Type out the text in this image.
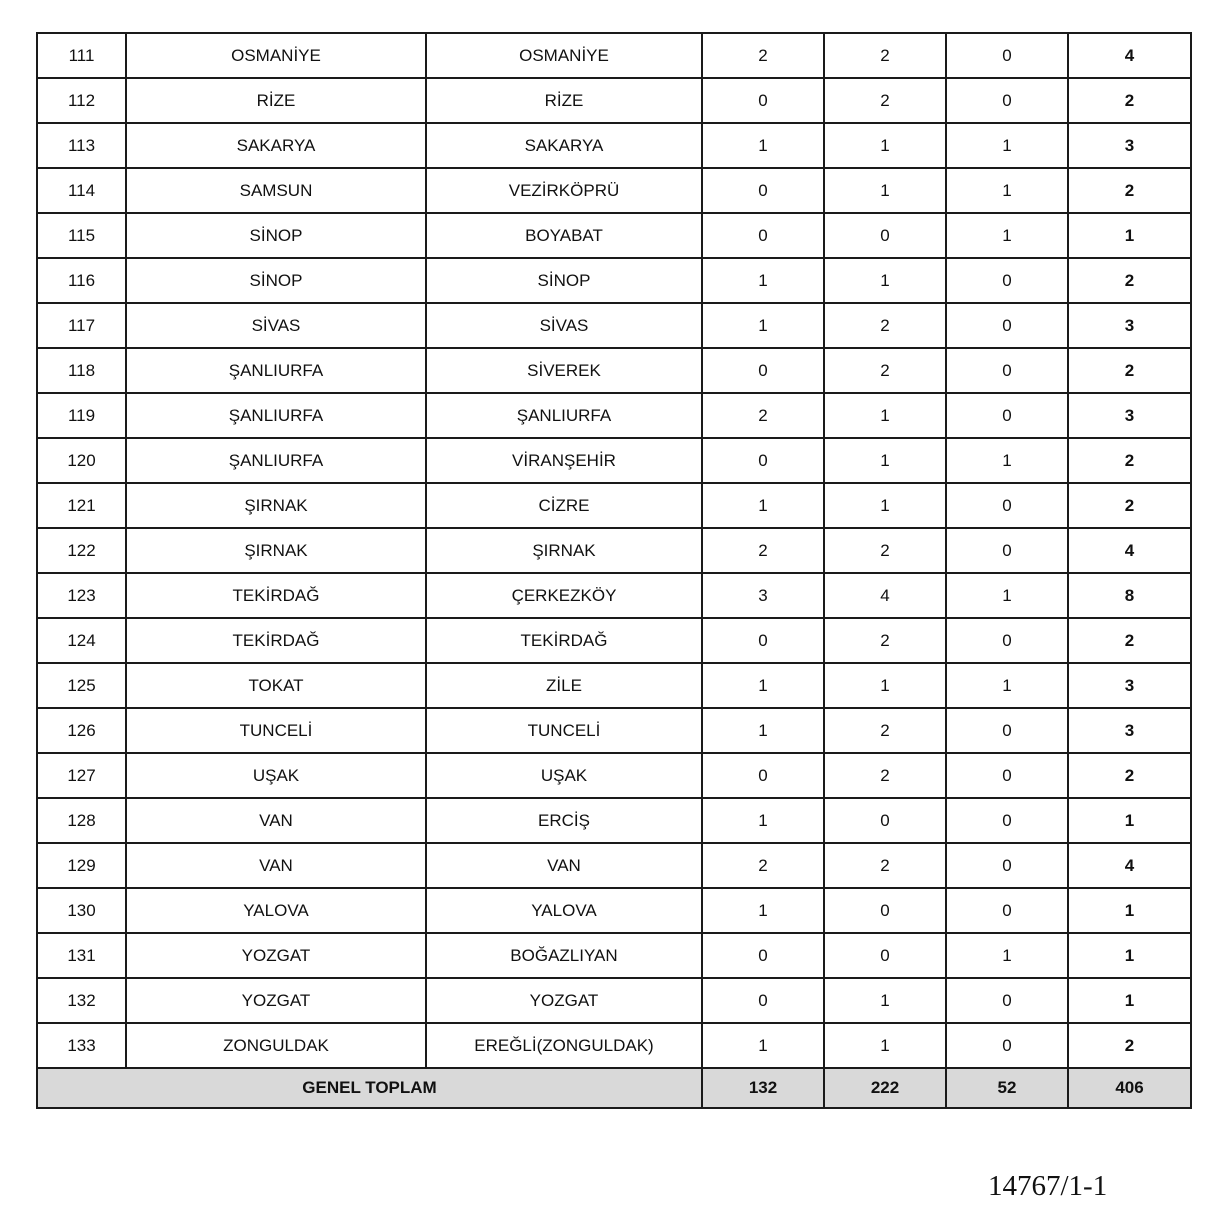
111	OSMANİYE	OSMANİYE	2	2	0	4
112	RİZE	RİZE	0	2	0	2
113	SAKARYA	SAKARYA	1	1	1	3
114	SAMSUN	VEZİRKÖPRÜ	0	1	1	2
115	SİNOP	BOYABAT	0	0	1	1
116	SİNOP	SİNOP	1	1	0	2
117	SİVAS	SİVAS	1	2	0	3
118	ŞANLIURFA	SİVEREK	0	2	0	2
119	ŞANLIURFA	ŞANLIURFA	2	1	0	3
120	ŞANLIURFA	VİRANŞEHİR	0	1	1	2
121	ŞIRNAK	CİZRE	1	1	0	2
122	ŞIRNAK	ŞIRNAK	2	2	0	4
123	TEKİRDAĞ	ÇERKEZKÖY	3	4	1	8
124	TEKİRDAĞ	TEKİRDAĞ	0	2	0	2
125	TOKAT	ZİLE	1	1	1	3
126	TUNCELİ	TUNCELİ	1	2	0	3
127	UŞAK	UŞAK	0	2	0	2
128	VAN	ERCİŞ	1	0	0	1
129	VAN	VAN	2	2	0	4
130	YALOVA	YALOVA	1	0	0	1
131	YOZGAT	BOĞAZLIYAN	0	0	1	1
132	YOZGAT	YOZGAT	0	1	0	1
133	ZONGULDAK	EREĞLİ(ZONGULDAK)	1	1	0	2
GENEL TOPLAM			132	222	52	406
14767/1-1
